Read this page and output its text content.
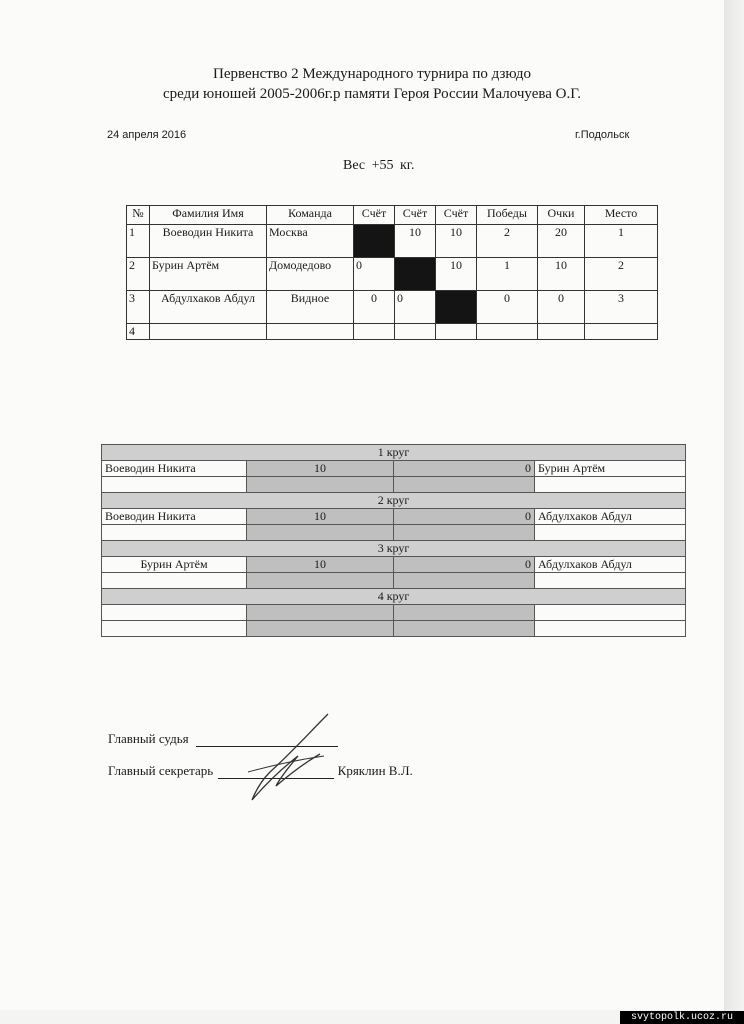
Первенство 2 Международного турнира по дзюдо
среди юношей 2005-2006г.р памяти Героя России Малочуева О.Г.
24 апреля 2016	г.Подольск
Вес +55 кг.
№	Фамилия Имя	Команда	Счёт	Счёт	Счёт	Победы	Очки	Место
1	Воеводин Никита	Москва		10	10	2	20	1
2	Бурин Артём	Домодедово	0		10	1	10	2
3	Абдулхаков Абдул	Видное	0	0		0	0	3
4								
1 круг			
Воеводин Никита	10	0	Бурин Артём

2 круг			
Воеводин Никита	10	0	Абдулхаков Абдул

3 круг			
Бурин Артём	10	0	Абдулхаков Абдул

4 круг			

Главный судья
Главный секретарь	Кряклин В.Л.
svytopolk.ucoz.ru
